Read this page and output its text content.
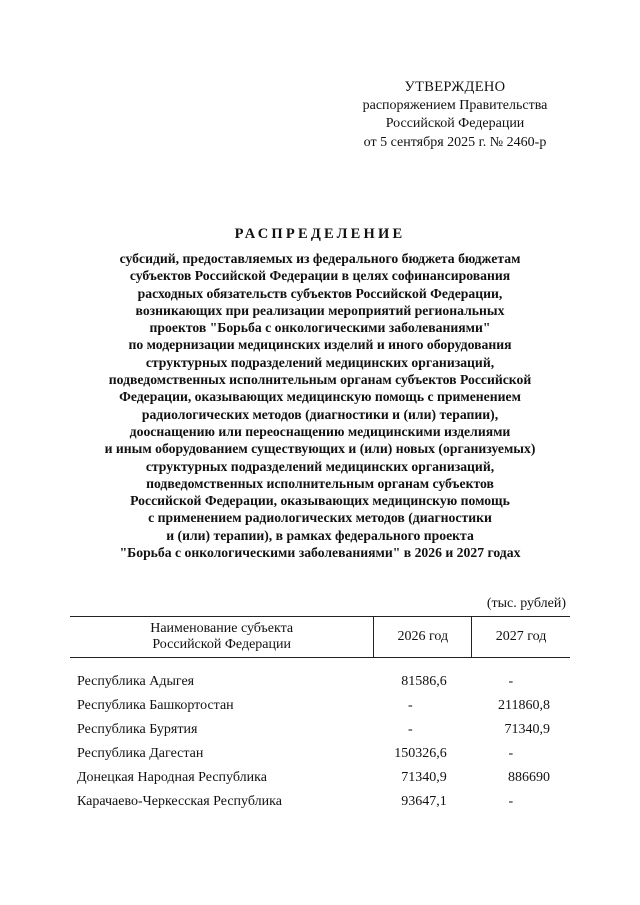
УТВЕРЖДЕНО
распоряжением Правительства
Российской Федерации
от 5 сентября 2025 г. № 2460-р
РАСПРЕДЕЛЕНИЕ
субсидий, предоставляемых из федерального бюджета бюджетам
субъектов Российской Федерации в целях софинансирования
расходных обязательств субъектов Российской Федерации,
возникающих при реализации мероприятий региональных
проектов "Борьба с онкологическими заболеваниями"
по модернизации медицинских изделий и иного оборудования
структурных подразделений медицинских организаций,
подведомственных исполнительным органам субъектов Российской
Федерации, оказывающих медицинскую помощь с применением
радиологических методов (диагностики и (или) терапии),
дооснащению или переоснащению медицинскими изделиями
и иным оборудованием существующих и (или) новых (организуемых)
структурных подразделений медицинских организаций,
подведомственных исполнительным органам субъектов
Российской Федерации, оказывающих медицинскую помощь
с применением радиологических методов (диагностики
и (или) терапии), в рамках федерального проекта
"Борьба с онкологическими заболеваниями" в 2026 и 2027 годах
(тыс. рублей)
Наименование субъекта
Российской Федерации	2026 год	2027 год

Республика Адыгея	81586,6	-
Республика Башкортостан	-	211860,8
Республика Бурятия	-	71340,9
Республика Дагестан	150326,6	-
Донецкая Народная Республика	71340,9	886690
Карачаево-Черкесская Республика	93647,1	-
